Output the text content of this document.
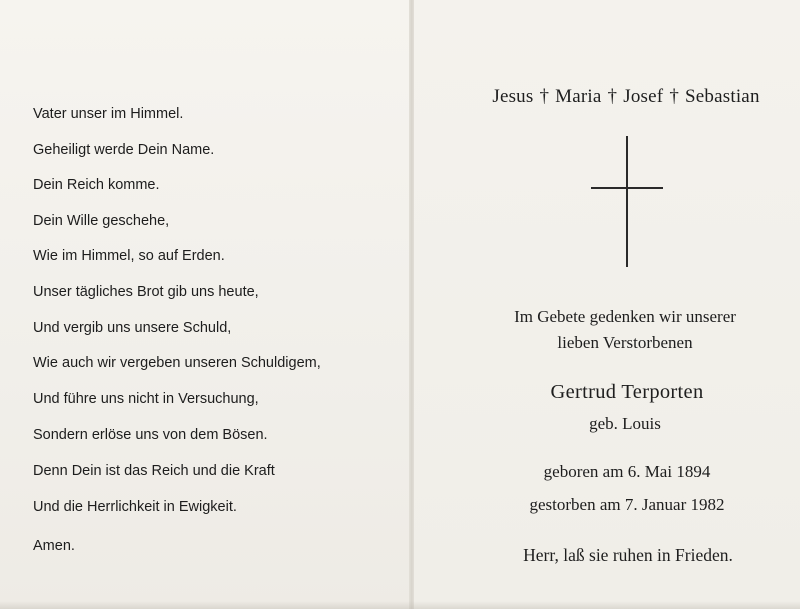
Vater unser im Himmel.

Geheiligt werde Dein Name.

Dein Reich komme.

Dein Wille geschehe,

Wie im Himmel, so auf Erden.

Unser tägliches Brot gib uns heute,

Und vergib uns unsere Schuld,

Wie auch wir vergeben unseren Schuldigem,

Und führe uns nicht in Versuchung,

Sondern erlöse uns von dem Bösen.

Denn Dein ist das Reich und die Kraft

Und die Herrlichkeit in Ewigkeit.

Amen.

Jesus † Maria † Josef † Sebastian

Im Gebete gedenken wir unserer

lieben Verstorbenen

Gertrud Terporten

geb. Louis

geboren am 6. Mai 1894

gestorben am 7. Januar 1982

Herr, laß sie ruhen in Frieden.
